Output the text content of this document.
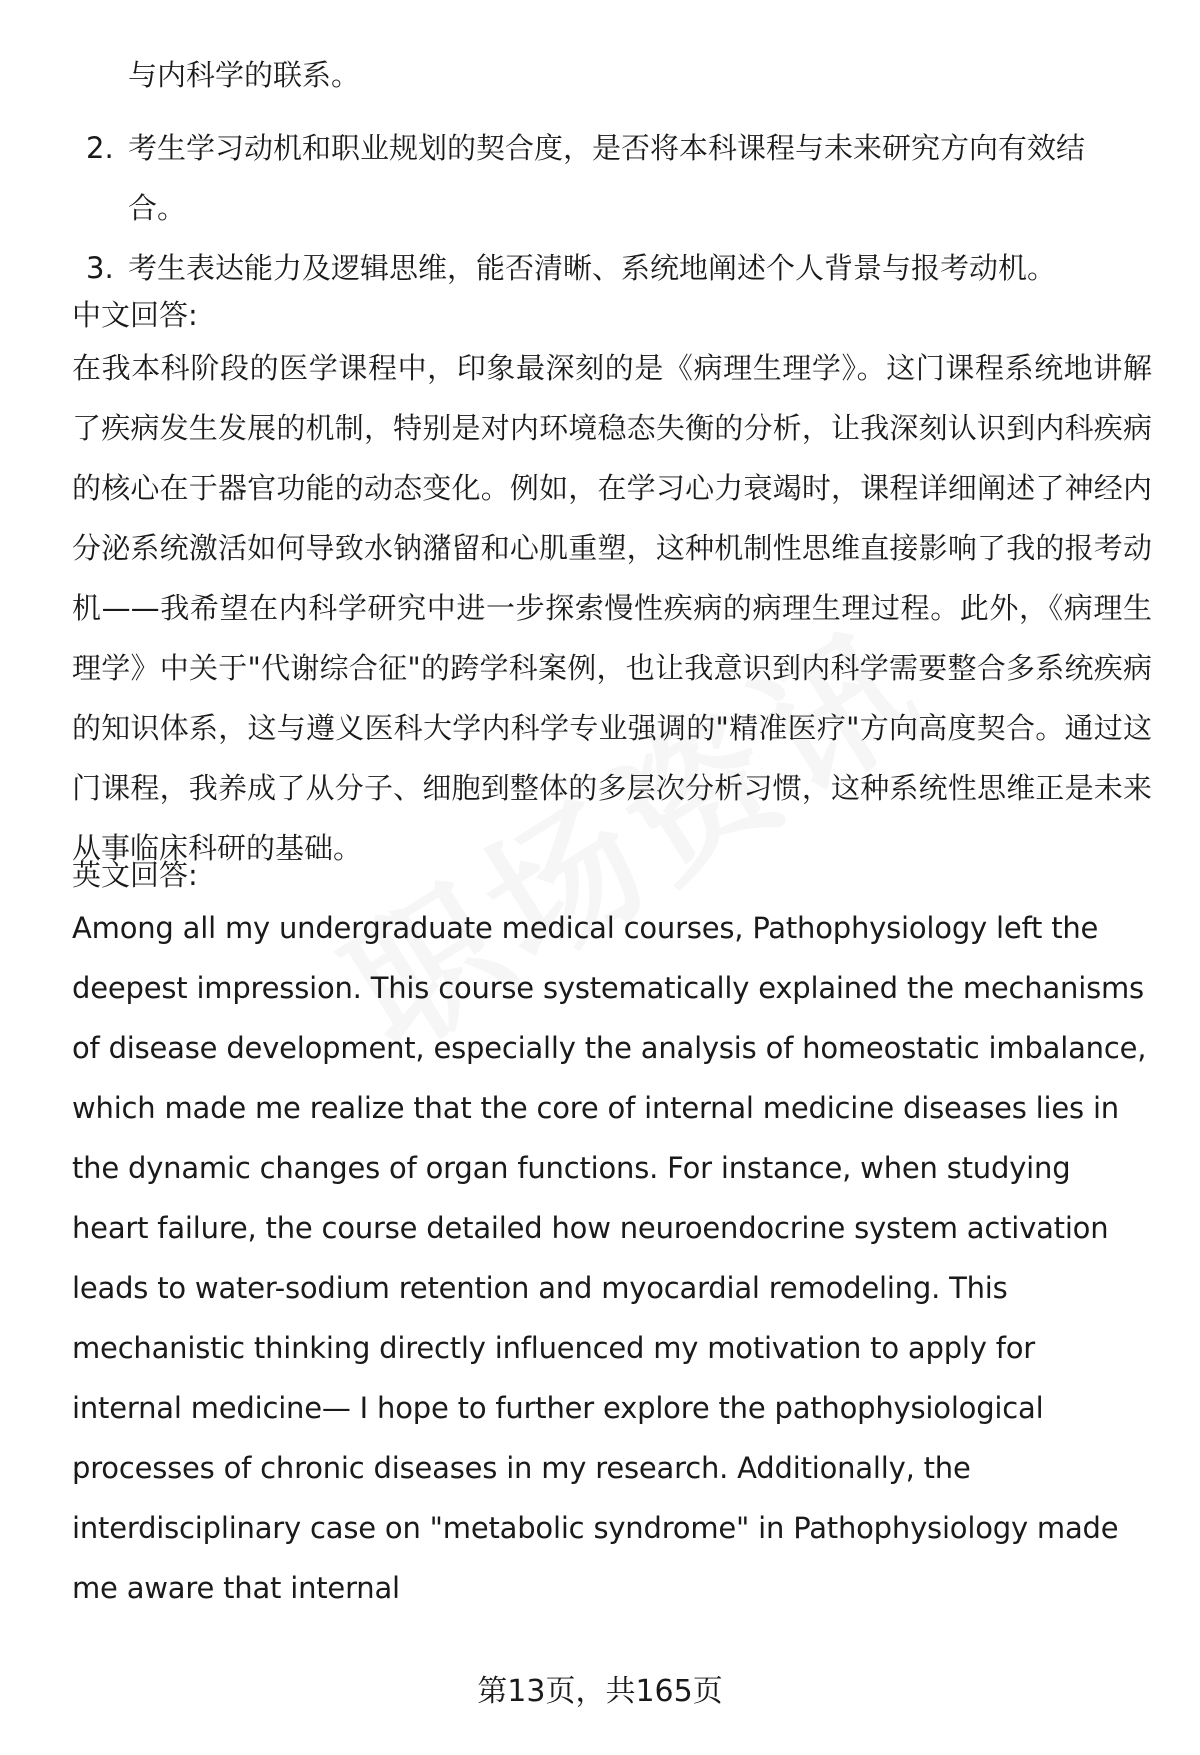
与内科学的联系。
2. 考生学习动机和职业规划的契合度，是否将本科课程与未来研究方向有效结合。
3. 考生表达能力及逻辑思维，能否清晰、系统地阐述个人背景与报考动机。
中文回答:
在我本科阶段的医学课程中，印象最深刻的是《病理生理学》。这门课程系统地讲解了疾病发生发展的机制，特别是对内环境稳态失衡的分析，让我深刻认识到内科疾病的核心在于器官功能的动态变化。例如，在学习心力衰竭时，课程详细阐述了神经内分泌系统激活如何导致水钠潴留和心肌重塑，这种机制性思维直接影响了我的报考动机——我希望在内科学研究中进一步探索慢性疾病的病理生理过程。此外，《病理生理学》中关于"代谢综合征"的跨学科案例，也让我意识到内科学需要整合多系统疾病的知识体系，这与遵义医科大学内科学专业强调的"精准医疗"方向高度契合。通过这门课程，我养成了从分子、细胞到整体的多层次分析习惯，这种系统性思维正是未来从事临床科研的基础。
英文回答:
Among all my undergraduate medical courses, Pathophysiology left the deepest impression. This course systematically explained the mechanisms of disease development, especially the analysis of homeostatic imbalance, which made me realize that the core of internal medicine diseases lies in the dynamic changes of organ functions. For instance, when studying heart failure, the course detailed how neuroendocrine system activation leads to water-sodium retention and myocardial remodeling. This mechanistic thinking directly influenced my motivation to apply for internal medicine— I hope to further explore the pathophysiological processes of chronic diseases in my research. Additionally, the interdisciplinary case on "metabolic syndrome" in Pathophysiology made me aware that internal
第13页，共165页
